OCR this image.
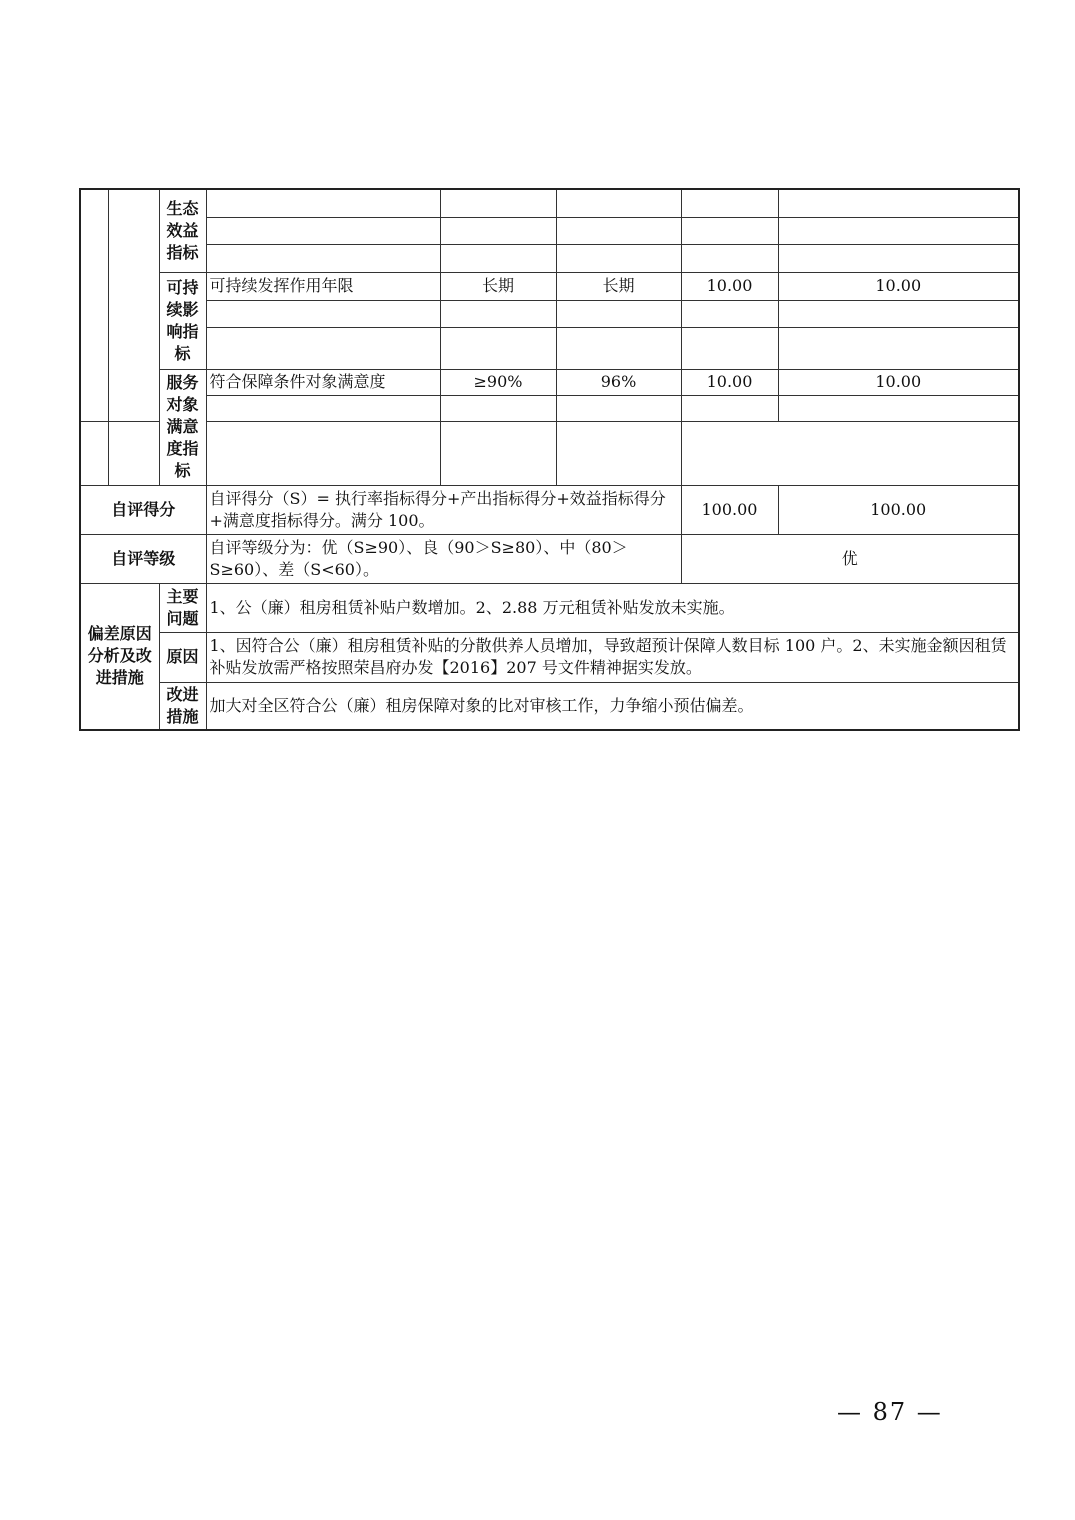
		生态效益指标					

		可持续影响指标	可持续发挥作用年限	长期	长期	10.00	10.00

		服务对象满意度指标	符合保障条件对象满意度	≥90%	96%	10.00	10.00

自评得分			自评得分（S）= 执行率指标得分+产出指标得分+效益指标得分+满意度指标得分。满分 100。			100.00	100.00
自评等级			自评等级分为：优（S≥90）、良（90＞S≥80）、中（80＞S≥60）、差（S<60）。			优	
偏差原因分析及改进措施		主要问题	1、公（廉）租房租赁补贴户数增加。2、2.88 万元租赁补贴发放未实施。				
		原因	1、因符合公（廉）租房租赁补贴的分散供养人员增加，导致超预计保障人数目标 100 户。2、未实施金额因租赁补贴发放需严格按照荣昌府办发【2016】207 号文件精神据实发放。				
		改进措施	加大对全区符合公（廉）租房保障对象的比对审核工作，力争缩小预估偏差。				
— 87 —
